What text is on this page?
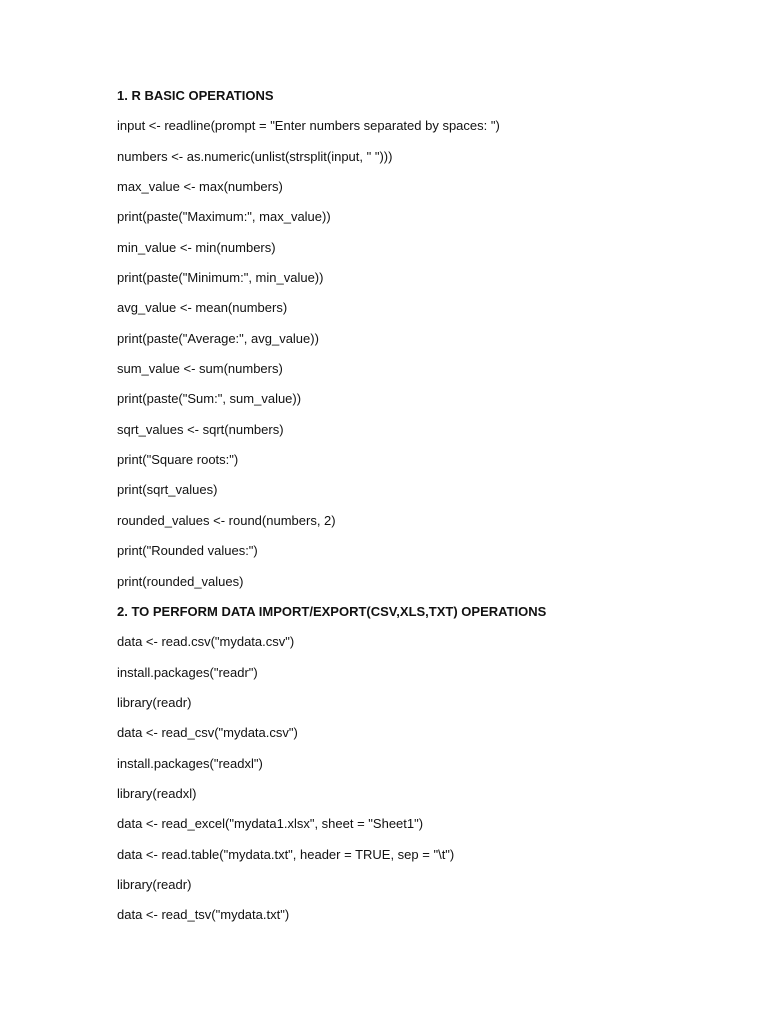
1. R BASIC OPERATIONS
input <- readline(prompt = "Enter numbers separated by spaces: ")
numbers <- as.numeric(unlist(strsplit(input, " ")))
max_value <- max(numbers)
print(paste("Maximum:", max_value))
min_value <- min(numbers)
print(paste("Minimum:", min_value))
avg_value <- mean(numbers)
print(paste("Average:", avg_value))
sum_value <- sum(numbers)
print(paste("Sum:", sum_value))
sqrt_values <- sqrt(numbers)
print("Square roots:")
print(sqrt_values)
rounded_values <- round(numbers, 2)
print("Rounded values:")
print(rounded_values)
2. TO PERFORM DATA IMPORT/EXPORT(CSV,XLS,TXT) OPERATIONS
data <- read.csv("mydata.csv")
install.packages("readr")
library(readr)
data <- read_csv("mydata.csv")
install.packages("readxl")
library(readxl)
data <- read_excel("mydata1.xlsx", sheet = "Sheet1")
data <- read.table("mydata.txt", header = TRUE, sep = "\t")
library(readr)
data <- read_tsv("mydata.txt")
